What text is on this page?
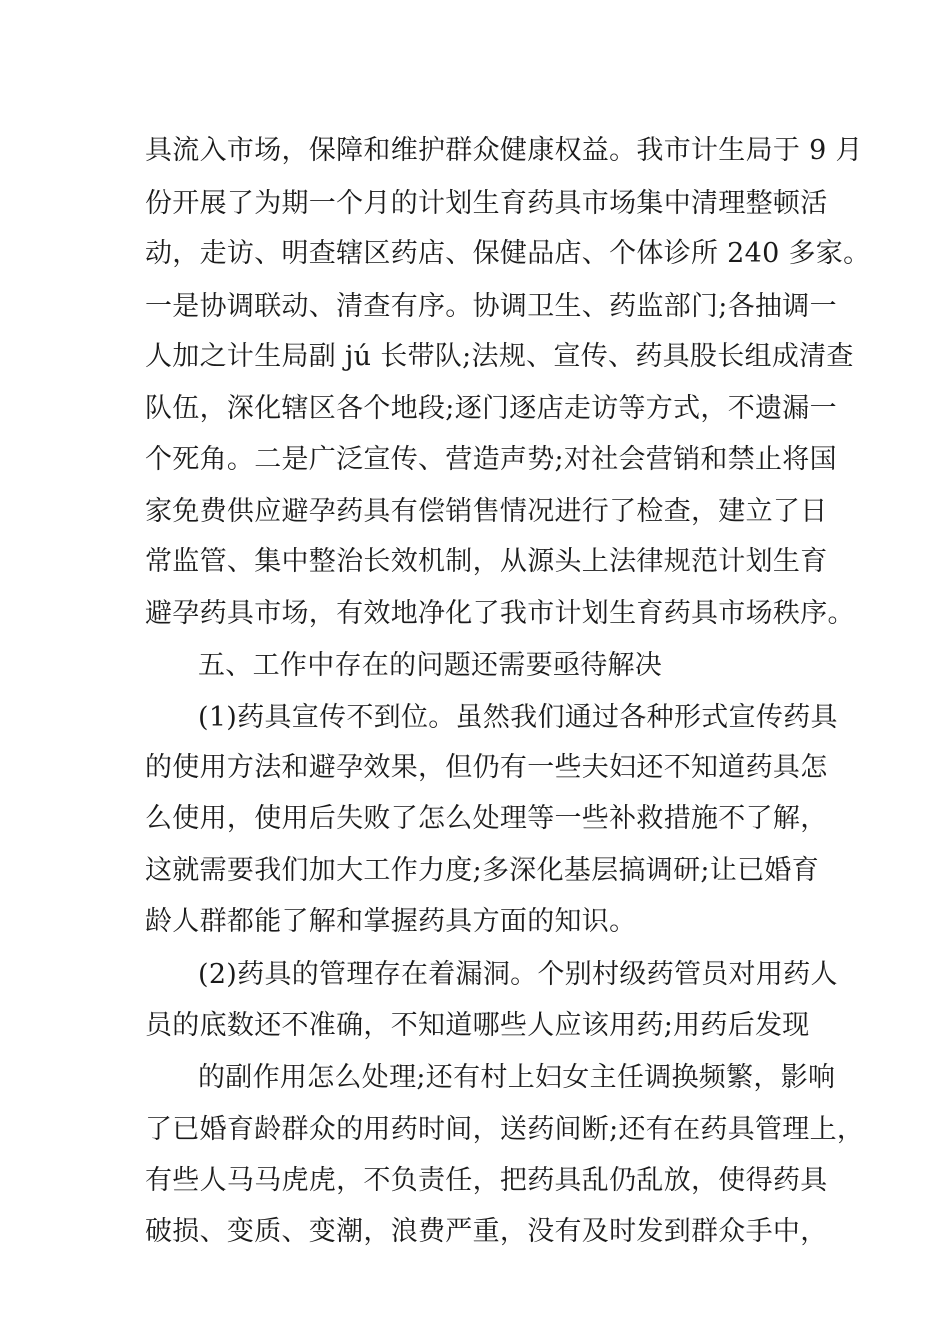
具流入市场，保障和维护群众健康权益。我市计生局于 9 月
份开展了为期一个月的计划生育药具市场集中清理整顿活
动，走访、明查辖区药店、保健品店、个体诊所 240 多家。
一是协调联动、清查有序。协调卫生、药监部门;各抽调一
人加之计生局副 jú 长带队;法规、宣传、药具股长组成清查
队伍，深化辖区各个地段;逐门逐店走访等方式，不遗漏一
个死角。二是广泛宣传、营造声势;对社会营销和禁止将国
家免费供应避孕药具有偿销售情况进行了检查，建立了日
常监管、集中整治长效机制，从源头上法律规范计划生育
避孕药具市场，有效地净化了我市计划生育药具市场秩序。
五、工作中存在的问题还需要亟待解决
(1)药具宣传不到位。虽然我们通过各种形式宣传药具
的使用方法和避孕效果，但仍有一些夫妇还不知道药具怎
么使用，使用后失败了怎么处理等一些补救措施不了解，
这就需要我们加大工作力度;多深化基层搞调研;让已婚育
龄人群都能了解和掌握药具方面的知识。
(2)药具的管理存在着漏洞。个别村级药管员对用药人
员的底数还不准确，不知道哪些人应该用药;用药后发现
的副作用怎么处理;还有村上妇女主任调换频繁，影响
了已婚育龄群众的用药时间，送药间断;还有在药具管理上，
有些人马马虎虎，不负责任，把药具乱仍乱放，使得药具
破损、变质、变潮，浪费严重，没有及时发到群众手中，
